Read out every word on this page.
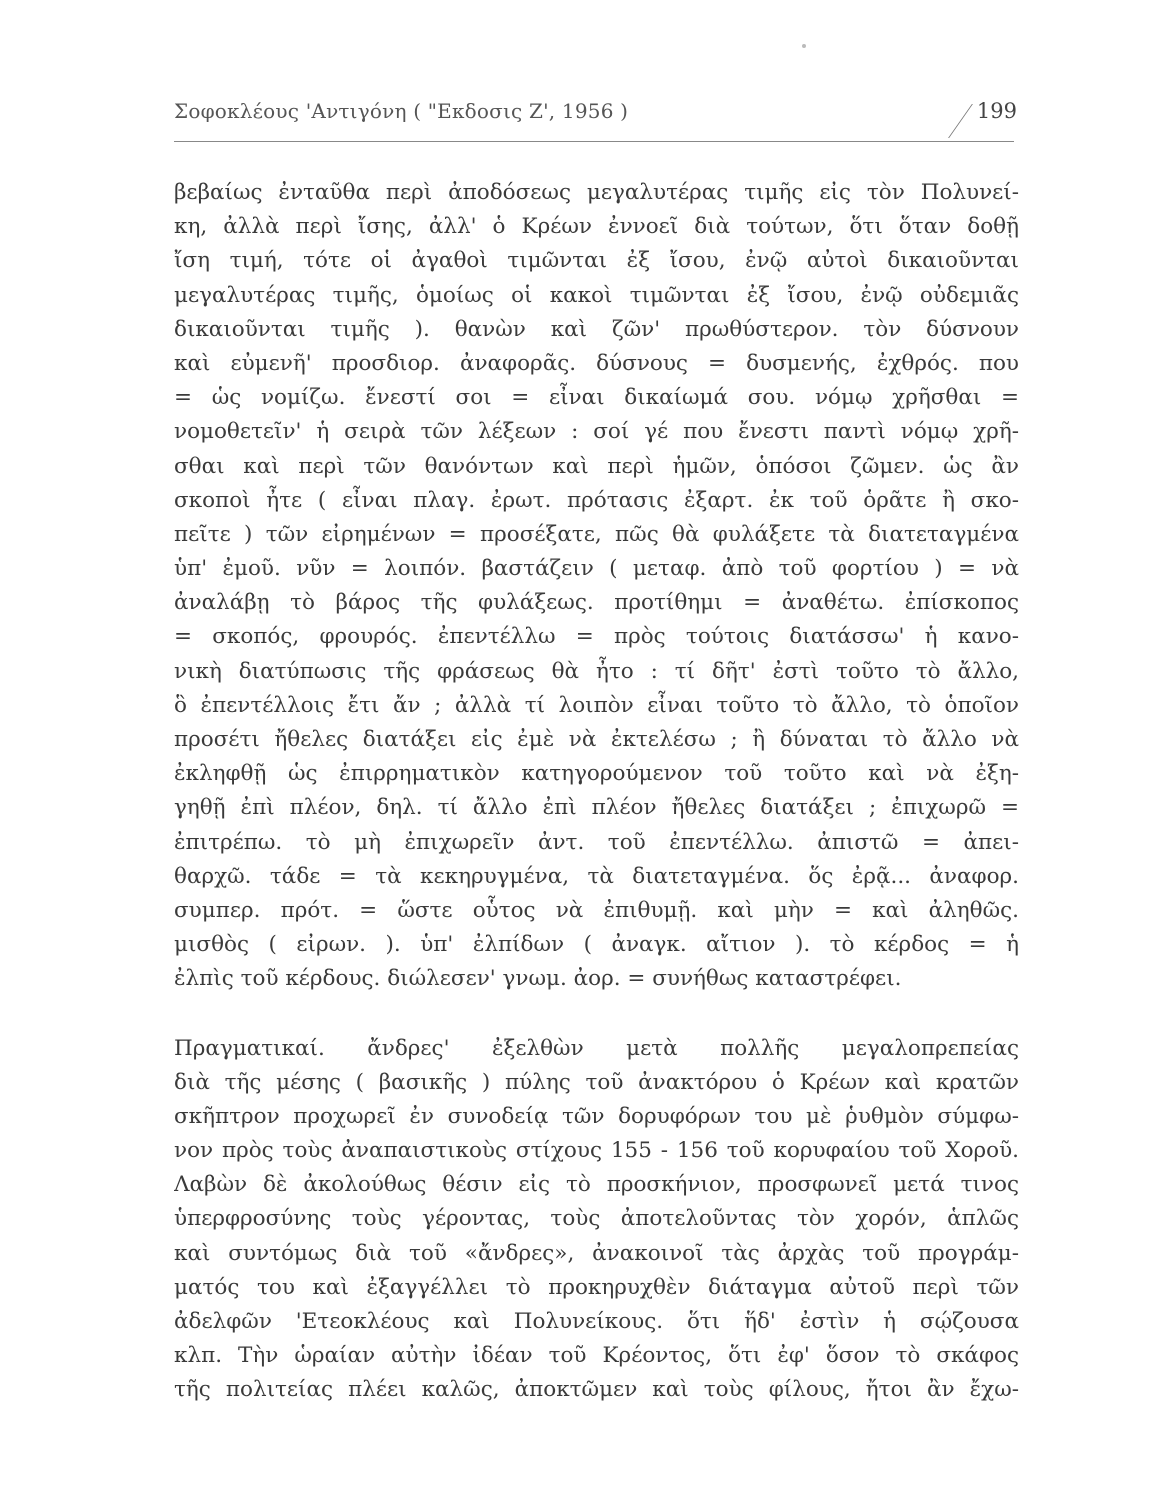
Σοφοκλέους 'Αντιγόνη ( "Εκδοσις Ζ', 1956 )	199

βεβαίως ἐνταῦθα περὶ ἀποδόσεως μεγαλυτέρας τιμῆς εἰς τὸν Πολυνεί-

κη, ἀλλὰ περὶ ἴσης, ἀλλ' ὁ Κρέων ἐννοεῖ διὰ τούτων, ὅτι ὅταν δοθῇ

ἴση τιμή, τότε οἱ ἀγαθοὶ τιμῶνται ἐξ ἴσου, ἐνῷ αὐτοὶ δικαιοῦνται

μεγαλυτέρας τιμῆς, ὁμοίως οἱ κακοὶ τιμῶνται ἐξ ἴσου, ἐνῷ οὐδεμιᾶς

δικαιοῦνται τιμῆς ). θανὼν καὶ ζῶν' πρωθύστερον. τὸν δύσνουν

καὶ εὐμενῆ' προσδιορ. ἀναφορᾶς. δύσνους = δυσμενής, ἐχθρός. που

= ὡς νομίζω. ἔνεστί σοι = εἶναι δικαίωμά σου. νόμῳ χρῆσθαι =

νομοθετεῖν' ἡ σειρὰ τῶν λέξεων : σοί γέ που ἔνεστι παντὶ νόμῳ χρῆ-

σθαι καὶ περὶ τῶν θανόντων καὶ περὶ ἡμῶν, ὁπόσοι ζῶμεν. ὡς ἂν

σκοποὶ ἦτε ( εἶναι πλαγ. ἐρωτ. πρότασις ἐξαρτ. ἐκ τοῦ ὁρᾶτε ἢ σκο-

πεῖτε ) τῶν εἰρημένων = προσέξατε, πῶς θὰ φυλάξετε τὰ διατεταγμένα

ὑπ' ἐμοῦ. νῦν = λοιπόν. βαστάζειν ( μεταφ. ἀπὸ τοῦ φορτίου ) = νὰ

ἀναλάβῃ τὸ βάρος τῆς φυλάξεως. προτίθημι = ἀναθέτω. ἐπίσκοπος

= σκοπός, φρουρός. ἐπεντέλλω = πρὸς τούτοις διατάσσω' ἡ κανο-

νικὴ διατύπωσις τῆς φράσεως θὰ ἦτο : τί δῆτ' ἐστὶ τοῦτο τὸ ἄλλο,

ὃ ἐπεντέλλοις ἔτι ἄν ; ἀλλὰ τί λοιπὸν εἶναι τοῦτο τὸ ἄλλο, τὸ ὁποῖον

προσέτι ἤθελες διατάξει εἰς ἐμὲ νὰ ἐκτελέσω ; ἢ δύναται τὸ ἄλλο νὰ

ἐκληφθῇ ὡς ἐπιρρηματικὸν κατηγορούμενον τοῦ τοῦτο καὶ νὰ ἐξη-

γηθῇ ἐπὶ πλέον, δηλ. τί ἄλλο ἐπὶ πλέον ἤθελες διατάξει ; ἐπιχωρῶ =

ἐπιτρέπω. τὸ μὴ ἐπιχωρεῖν ἀντ. τοῦ ἐπεντέλλω. ἀπιστῶ = ἀπει-

θαρχῶ. τάδε = τὰ κεκηρυγμένα, τὰ διατεταγμένα. ὅς ἐρᾷ... ἀναφορ.

συμπερ. πρότ. = ὥστε οὗτος νὰ ἐπιθυμῇ. καὶ μὴν = καὶ ἀληθῶς.

μισθὸς ( εἰρων. ). ὑπ' ἐλπίδων ( ἀναγκ. αἴτιον ). τὸ κέρδος = ἡ

ἐλπὶς τοῦ κέρδους. διώλεσεν' γνωμ. ἀορ. = συνήθως καταστρέφει.

Πραγματικαί. ἄνδρες' ἐξελθὼν μετὰ πολλῆς μεγαλοπρεπείας

διὰ τῆς μέσης ( βασικῆς ) πύλης τοῦ ἀνακτόρου ὁ Κρέων καὶ κρατῶν

σκῆπτρον προχωρεῖ ἐν συνοδείᾳ τῶν δορυφόρων του μὲ ῥυθμὸν σύμφω-

νον πρὸς τοὺς ἀναπαιστικοὺς στίχους 155 - 156 τοῦ κορυφαίου τοῦ Χοροῦ.

Λαβὼν δὲ ἀκολούθως θέσιν εἰς τὸ προσκήνιον, προσφωνεῖ μετά τινος

ὑπερφροσύνης τοὺς γέροντας, τοὺς ἀποτελοῦντας τὸν χορόν, ἁπλῶς

καὶ συντόμως διὰ τοῦ «ἄνδρες», ἀνακοινοῖ τὰς ἀρχὰς τοῦ προγράμ-

ματός του καὶ ἐξαγγέλλει τὸ προκηρυχθὲν διάταγμα αὐτοῦ περὶ τῶν

ἀδελφῶν 'Ετεοκλέους καὶ Πολυνείκους. ὅτι ἥδ' ἐστὶν ἡ σῴζουσα

κλπ. Τὴν ὡραίαν αὐτὴν ἰδέαν τοῦ Κρέοντος, ὅτι ἐφ' ὅσον τὸ σκάφος

τῆς πολιτείας πλέει καλῶς, ἀποκτῶμεν καὶ τοὺς φίλους, ἤτοι ἂν ἔχω-
